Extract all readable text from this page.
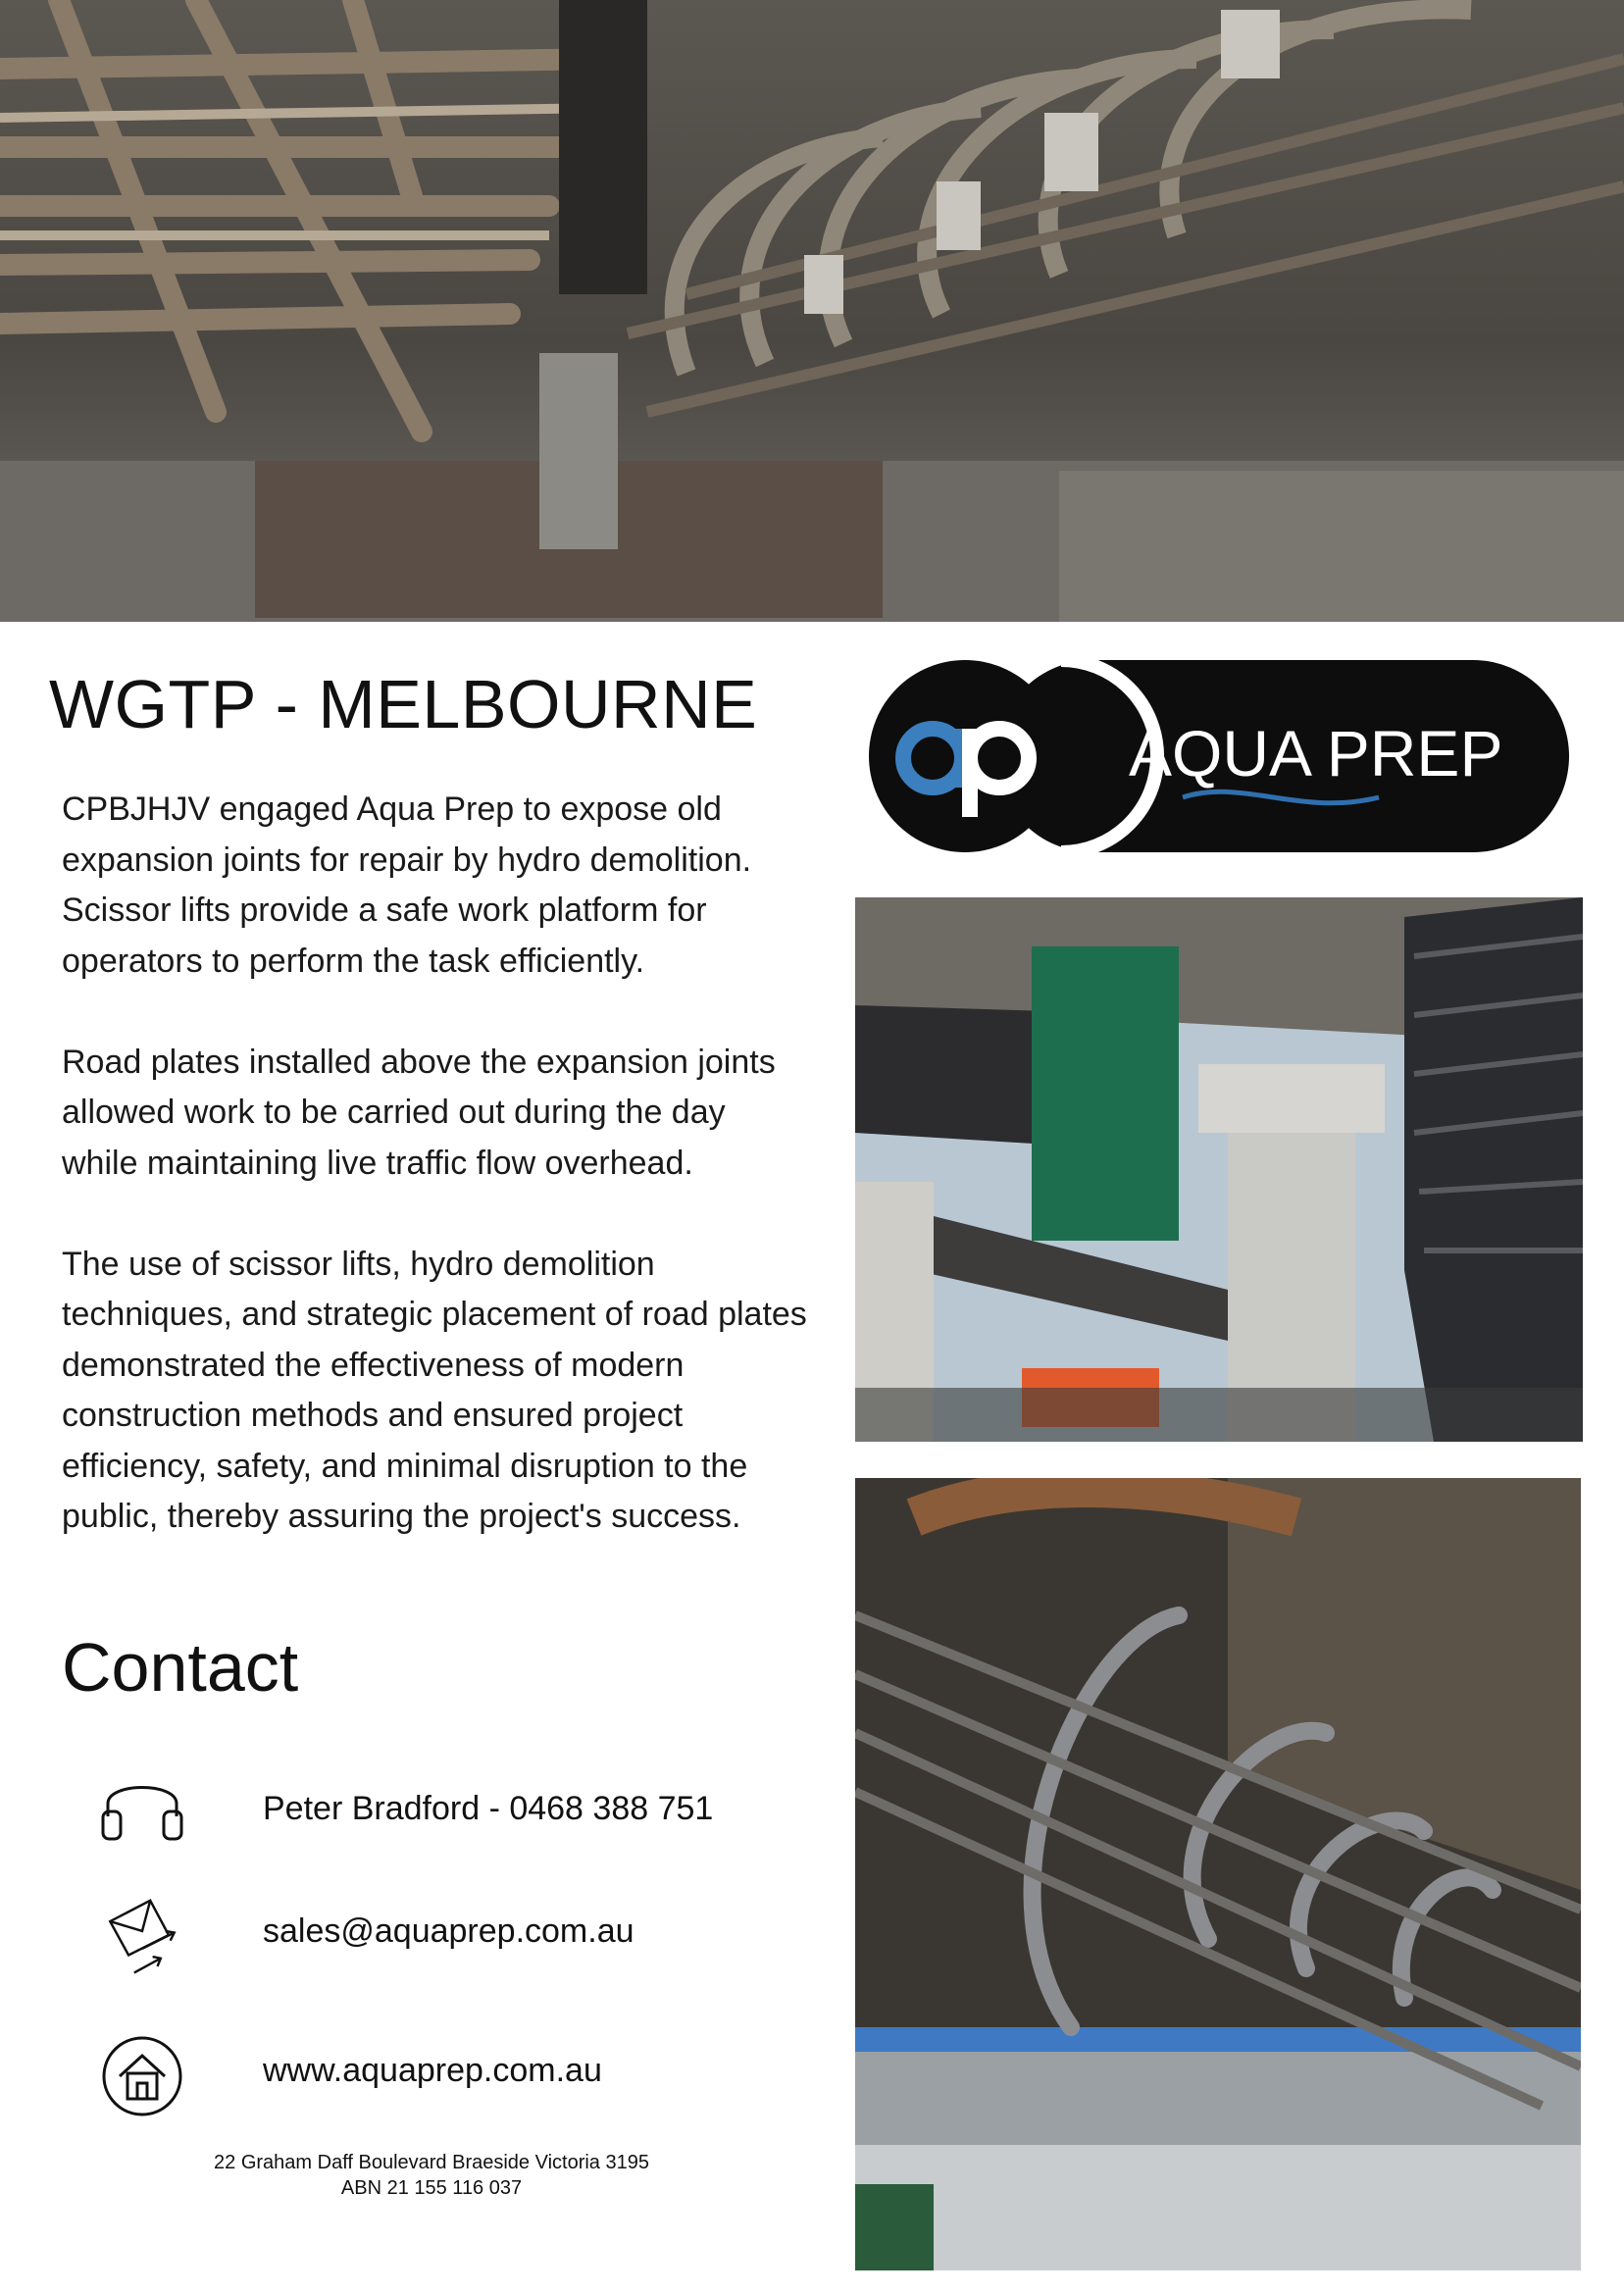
WGTP - MELBOURNE
AQUA PREP

CPBJHJV engaged Aqua Prep to expose old expansion joints for repair by hydro demolition. Scissor lifts provide a safe work platform for operators to perform the task efficiently.

Road plates installed above the expansion joints allowed work to be carried out during the day while maintaining live traffic flow overhead.

The use of scissor lifts, hydro demolition techniques, and strategic placement of road plates demonstrated the effectiveness of modern construction methods and ensured project efficiency, safety, and minimal disruption to the public, thereby assuring the project's success.

Contact
Peter Bradford - 0468 388 751
sales@aquaprep.com.au
www.aquaprep.com.au
22 Graham Daff Boulevard Braeside Victoria 3195
ABN 21 155 116 037
